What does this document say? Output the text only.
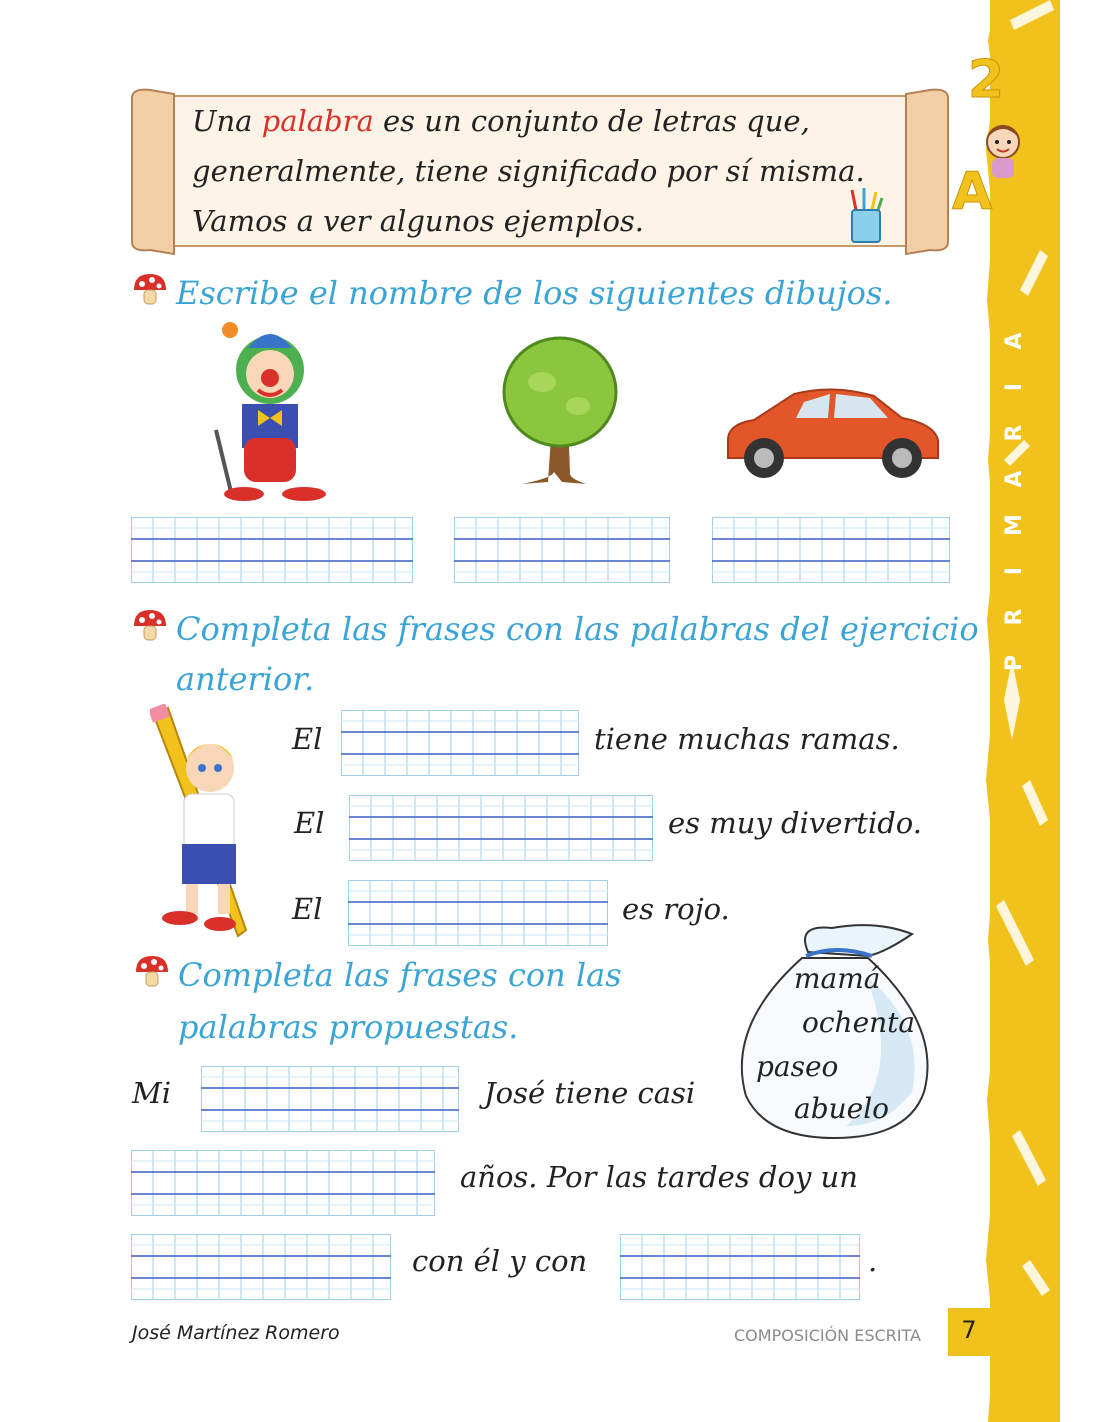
A
I
R
A
M
I
R
P
2
A
Una palabra es un conjunto de letras que,
generalmente, tiene significado por sí misma.
Vamos a ver algunos ejemplos.
Escribe el nombre de los siguientes dibujos.
Completa las frases con las palabras del ejercicio
anterior.
El	tiene muchas ramas.
El	es muy divertido.
El	es rojo.
Completa las frases con las
palabras propuestas.
mamá
ochenta
paseo
abuelo
Mi	José tiene casi
años. Por las tardes doy un
con él y con	.
José Martínez Romero	COMPOSICIÓN ESCRITA	7
